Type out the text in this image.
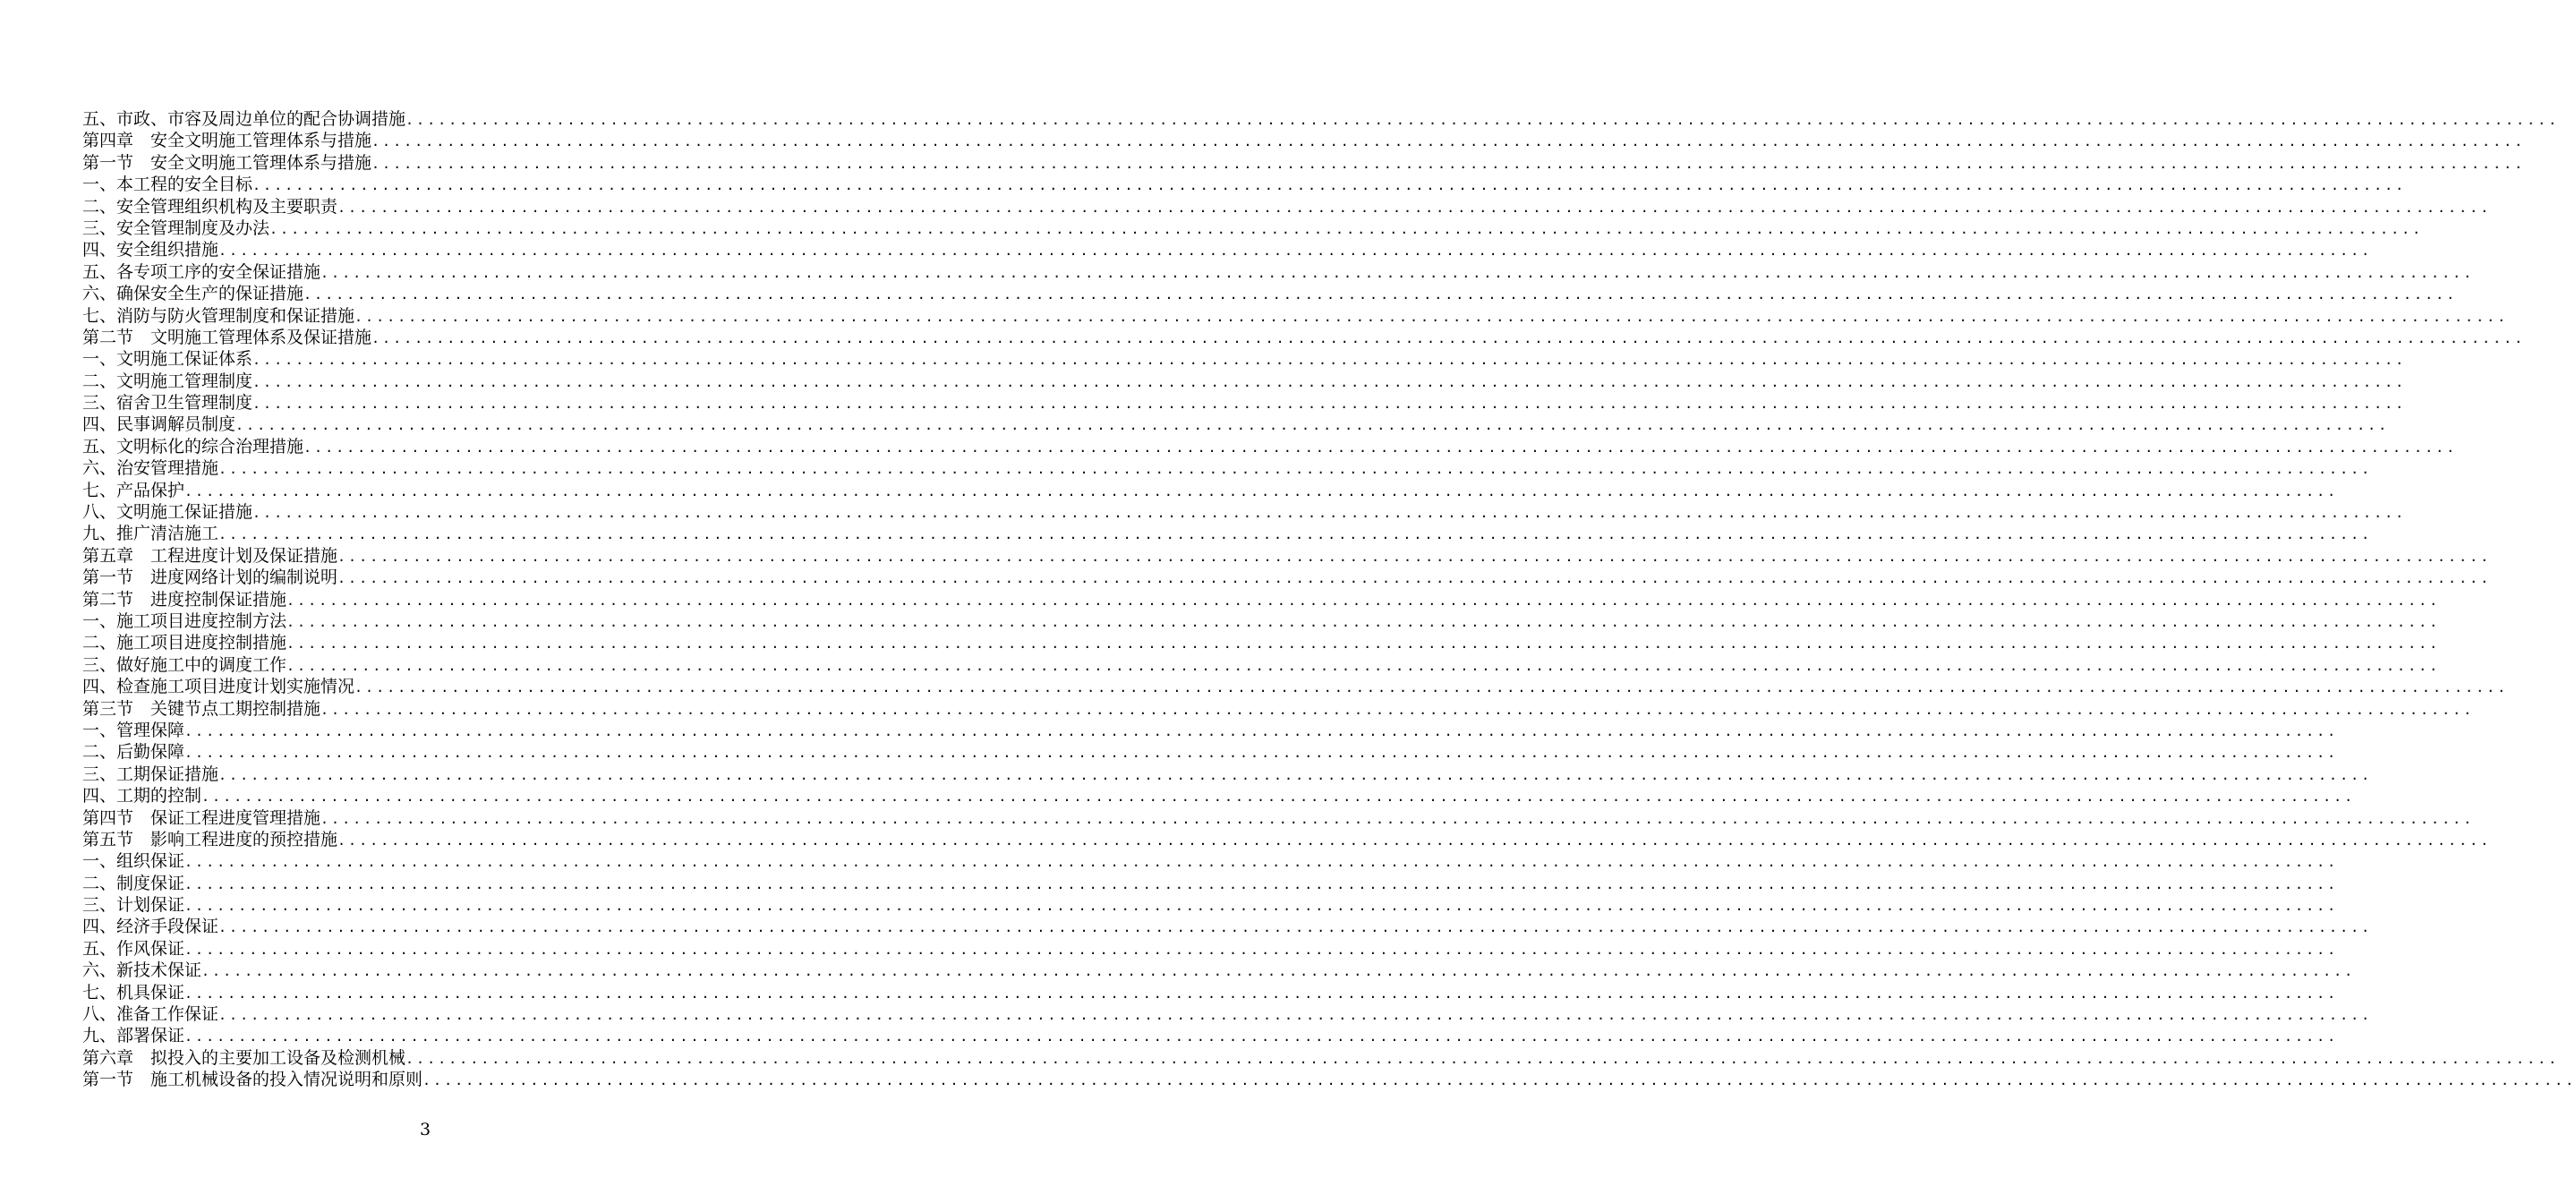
五、市政、市容及周边单位的配合协调措施 ........................................................................................................................................................................................................
第四章　安全文明施工管理体系与措施 ........................................................................................................................................................................................................
第一节　安全文明施工管理体系与措施 ........................................................................................................................................................................................................
一、本工程的安全目标 ........................................................................................................................................................................................................
二、安全管理组织机构及主要职责 ........................................................................................................................................................................................................
三、安全管理制度及办法 ........................................................................................................................................................................................................
四、安全组织措施 ........................................................................................................................................................................................................
五、各专项工序的安全保证措施 ........................................................................................................................................................................................................
六、确保安全生产的保证措施 ........................................................................................................................................................................................................
七、消防与防火管理制度和保证措施 ........................................................................................................................................................................................................
第二节　文明施工管理体系及保证措施 ........................................................................................................................................................................................................
一、文明施工保证体系 ........................................................................................................................................................................................................
二、文明施工管理制度 ........................................................................................................................................................................................................
三、宿舍卫生管理制度 ........................................................................................................................................................................................................
四、民事调解员制度 ........................................................................................................................................................................................................
五、文明标化的综合治理措施 ........................................................................................................................................................................................................
六、治安管理措施 ........................................................................................................................................................................................................
七、产品保护 ........................................................................................................................................................................................................
八、文明施工保证措施 ........................................................................................................................................................................................................
九、推广清洁施工 ........................................................................................................................................................................................................
第五章　工程进度计划及保证措施 ........................................................................................................................................................................................................
第一节　进度网络计划的编制说明 ........................................................................................................................................................................................................
第二节　进度控制保证措施 ........................................................................................................................................................................................................
一、施工项目进度控制方法 ........................................................................................................................................................................................................
二、施工项目进度控制措施 ........................................................................................................................................................................................................
三、做好施工中的调度工作 ........................................................................................................................................................................................................
四、检查施工项目进度计划实施情况 ........................................................................................................................................................................................................
第三节　关键节点工期控制措施 ........................................................................................................................................................................................................
一、管理保障 ........................................................................................................................................................................................................
二、后勤保障 ........................................................................................................................................................................................................
三、工期保证措施 ........................................................................................................................................................................................................
四、工期的控制 ........................................................................................................................................................................................................
第四节　保证工程进度管理措施 ........................................................................................................................................................................................................
第五节　影响工程进度的预控措施 ........................................................................................................................................................................................................
一、组织保证 ........................................................................................................................................................................................................
二、制度保证 ........................................................................................................................................................................................................
三、计划保证 ........................................................................................................................................................................................................
四、经济手段保证 ........................................................................................................................................................................................................
五、作风保证 ........................................................................................................................................................................................................
六、新技术保证 ........................................................................................................................................................................................................
七、机具保证 ........................................................................................................................................................................................................
八、准备工作保证 ........................................................................................................................................................................................................
九、部署保证 ........................................................................................................................................................................................................
第六章　拟投入的主要加工设备及检测机械 ........................................................................................................................................................................................................
第一节　施工机械设备的投入情况说明和原则 ........................................................................................................................................................................................................
3
